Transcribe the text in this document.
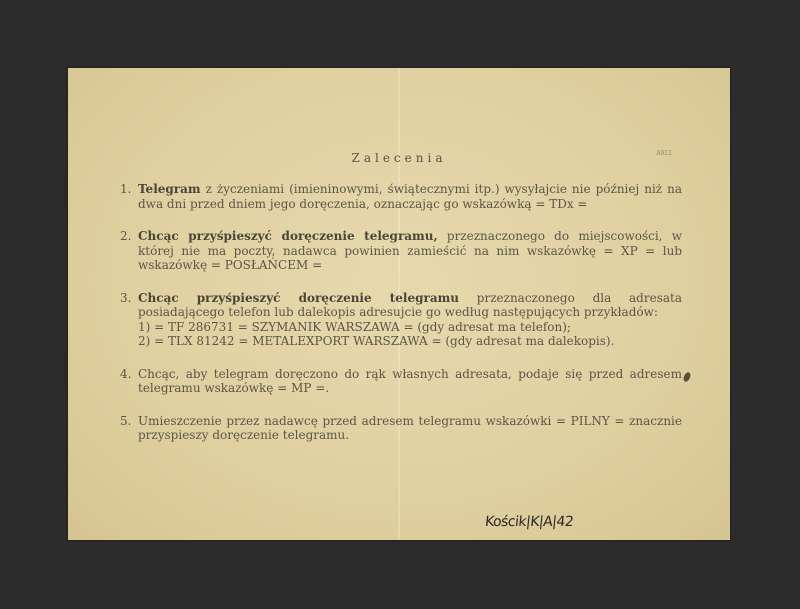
Zalecenia	A912
1. Telegram z życzeniami (imieninowymi, świątecznymi itp.) wysyłajcie nie później niż na dwa dni przed dniem jego doręczenia, oznaczając go wskazówką = TDx =
2. Chcąc przyśpieszyć doręczenie telegramu, przeznaczonego do miejscowości, w której nie ma poczty, nadawca powinien zamieścić na nim wskazówkę = XP = lub wskazówkę = POSŁAŃCEM =
3. Chcąc przyśpieszyć doręczenie telegramu przeznaczonego dla adresata posiadającego telefon lub dalekopis adresujcie go według następujących przykładów:
1) = TF 286731 = SZYMANIK WARSZAWA = (gdy adresat ma telefon);
2) = TLX 81242 = METALEXPORT WARSZAWA = (gdy adresat ma dalekopis).
4. Chcąc, aby telegram doręczono do rąk własnych adresata, podaje się przed adresem telegramu wskazówkę = MP =.
5. Umieszczenie przez nadawcę przed adresem telegramu wskazówki = PILNY = znacznie przyspieszy doręczenie telegramu.
Kościk|K|A|42
